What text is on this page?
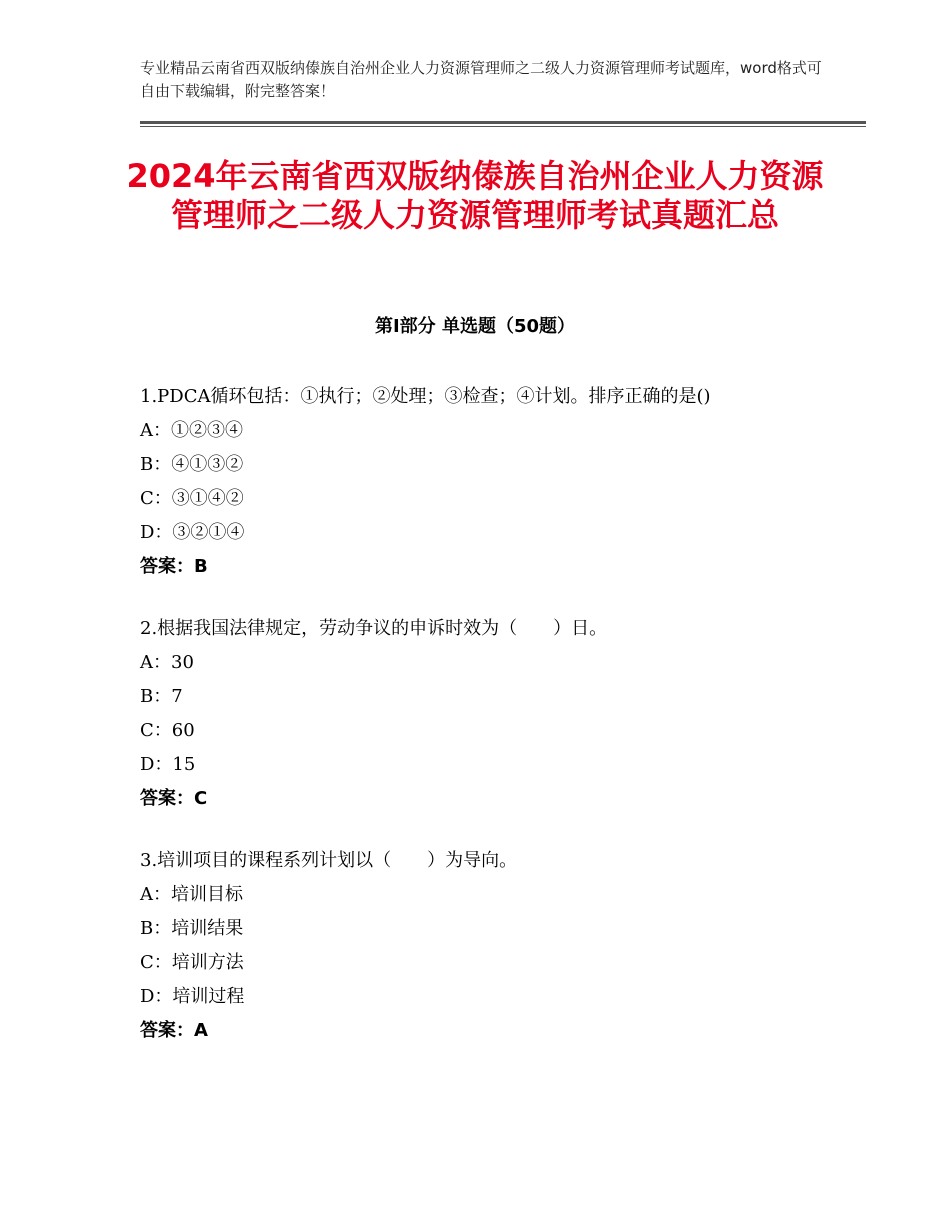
专业精品云南省西双版纳傣族自治州企业人力资源管理师之二级人力资源管理师考试题库，word格式可自由下载编辑，附完整答案！
2024年云南省西双版纳傣族自治州企业人力资源管理师之二级人力资源管理师考试真题汇总
第Ⅰ部分 单选题（50题）
1.PDCA循环包括：①执行；②处理；③检查；④计划。排序正确的是()
A：①②③④
B：④①③②
C：③①④②
D：③②①④
答案：B
2.根据我国法律规定，劳动争议的申诉时效为（　　）日。
A：30
B：7
C：60
D：15
答案：C
3.培训项目的课程系列计划以（　　）为导向。
A：培训目标
B：培训结果
C：培训方法
D：培训过程
答案：A
